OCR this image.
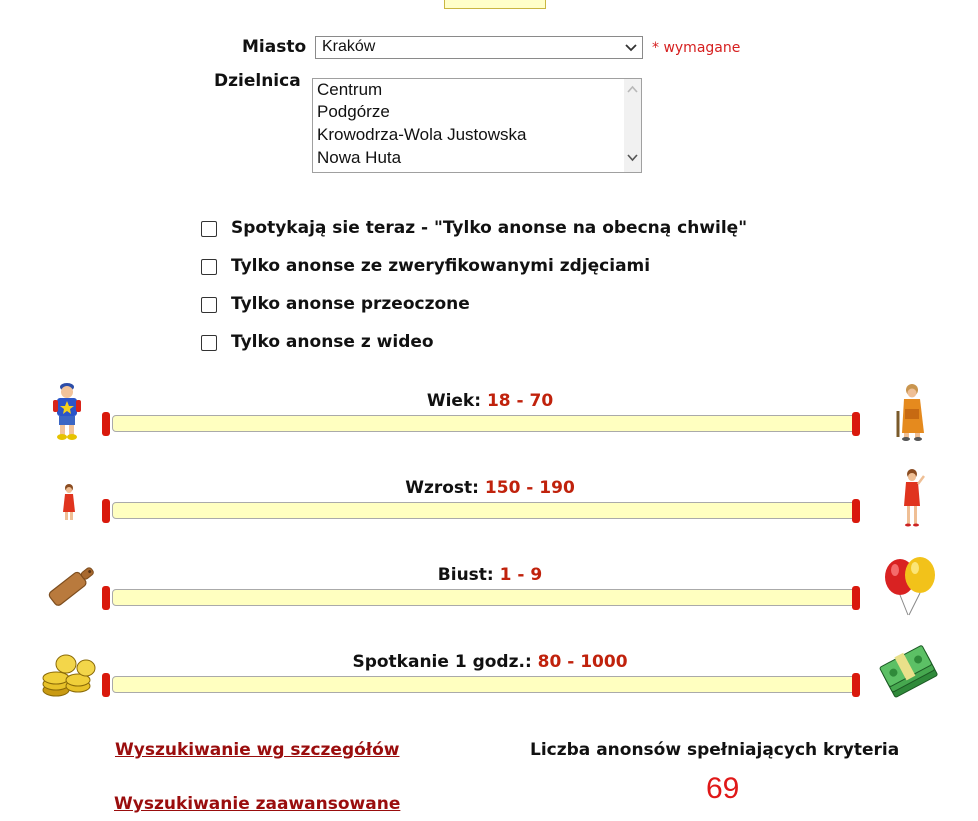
Miasto Kraków	* wymagane
Dzielnica Centrum
Podgórze
Krowodrza-Wola Justowska
Nowa Huta
Spotykają sie teraz - "Tylko anonse na obecną chwilę"
Tylko anonse ze zweryfikowanymi zdjęciami
Tylko anonse przeoczone
Tylko anonse z wideo
Wiek: 18 - 70
Wzrost: 150 - 190
Biust: 1 - 9
Spotkanie 1 godz.: 80 - 1000
Wyszukiwanie wg szczegółów
Wyszukiwanie zaawansowane
Liczba anonsów spełniających kryteria
69
